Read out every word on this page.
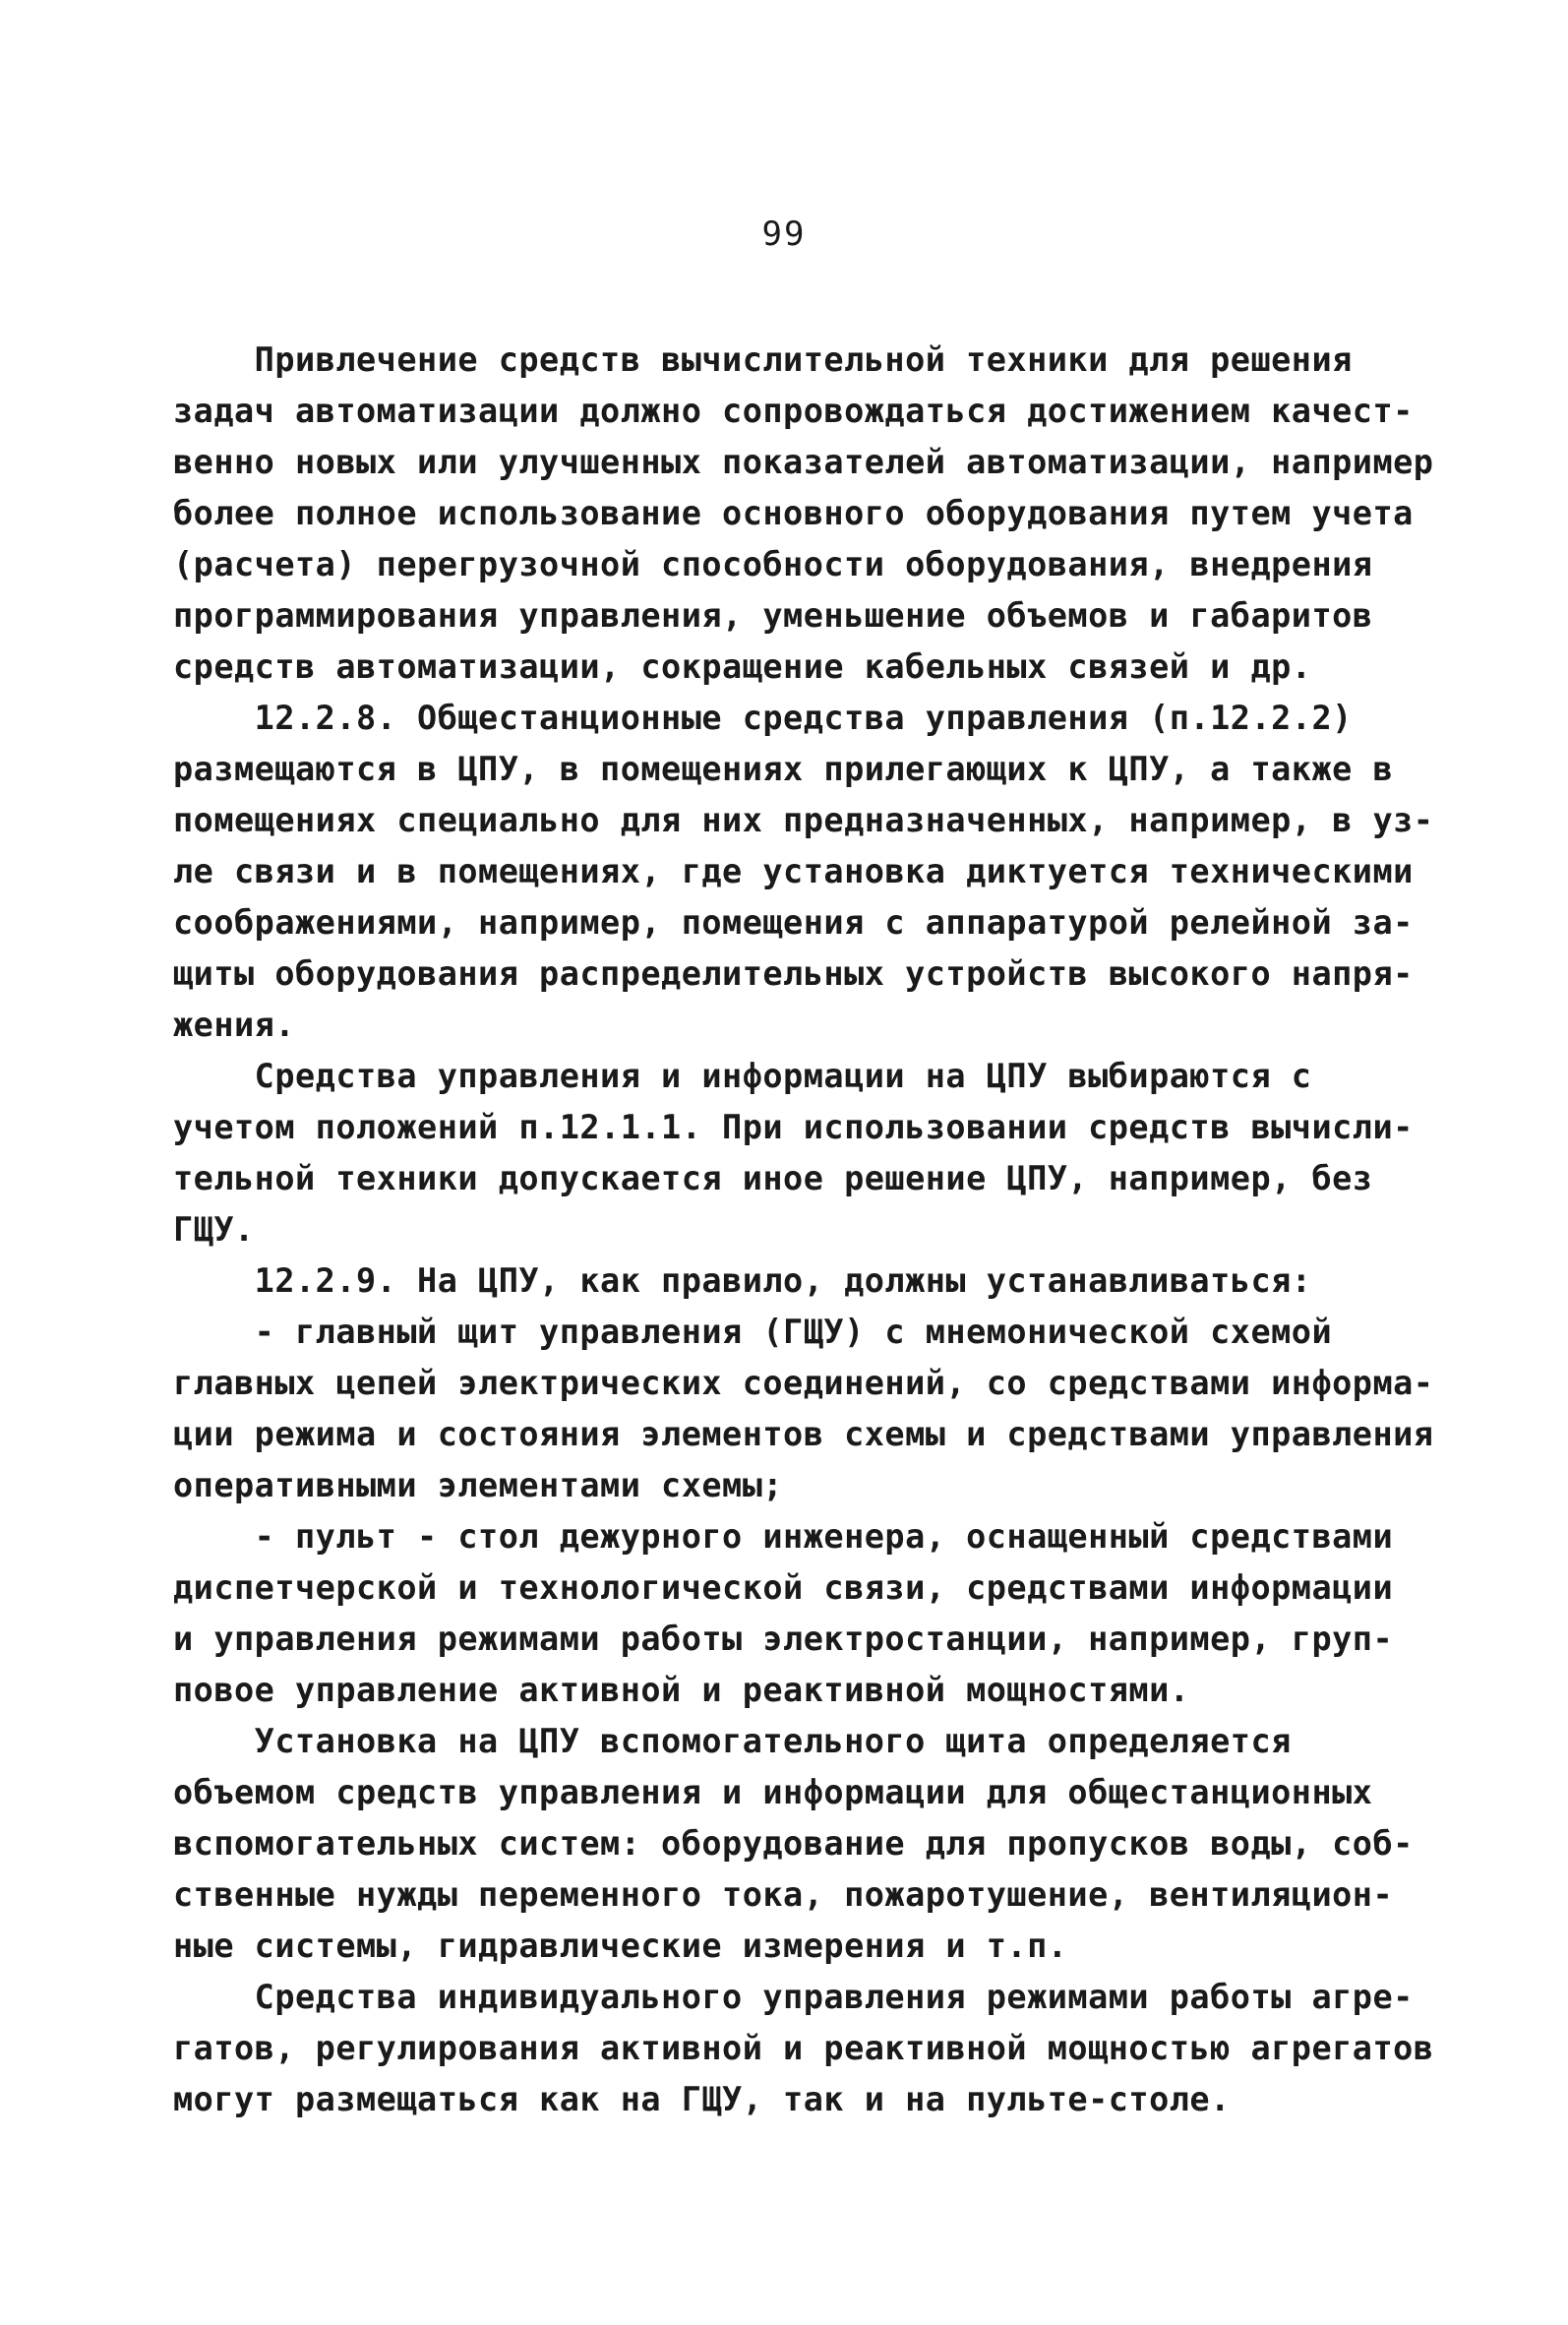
99
Привлечение средств вычислительной техники для решения
задач автоматизации должно сопровождаться достижением качест-
венно новых или улучшенных показателей автоматизации, например
более полное использование основного оборудования путем учета
(расчета) перегрузочной способности оборудования, внедрения
программирования управления, уменьшение объемов и габаритов
средств автоматизации, сокращение кабельных связей и др.
12.2.8. Общестанционные средства управления (п.12.2.2)
размещаются в ЦПУ, в помещениях прилегающих к ЦПУ, а также в
помещениях специально для них предназначенных, например, в уз-
ле связи и в помещениях, где установка диктуется техническими
соображениями, например, помещения с аппаратурой релейной за-
щиты оборудования распределительных устройств высокого напря-
жения.
Средства управления и информации на ЦПУ выбираются с
учетом положений п.12.1.1. При использовании средств вычисли-
тельной техники допускается иное решение ЦПУ, например, без
ГЩУ.
12.2.9. На ЦПУ, как правило, должны устанавливаться:
- главный щит управления (ГЩУ) с мнемонической схемой
главных цепей электрических соединений, со средствами информа-
ции режима и состояния элементов схемы и средствами управления
оперативными элементами схемы;
- пульт - стол дежурного инженера, оснащенный средствами
диспетчерской и технологической связи, средствами информации
и управления режимами работы электростанции, например, груп-
повое управление активной и реактивной мощностями.
Установка на ЦПУ вспомогательного щита определяется
объемом средств управления и информации для общестанционных
вспомогательных систем: оборудование для пропусков воды, соб-
ственные нужды переменного тока, пожаротушение, вентиляцион-
ные системы, гидравлические измерения и т.п.
Средства индивидуального управления режимами работы агре-
гатов, регулирования активной и реактивной мощностью агрегатов
могут размещаться как на ГЩУ, так и на пульте-столе.
